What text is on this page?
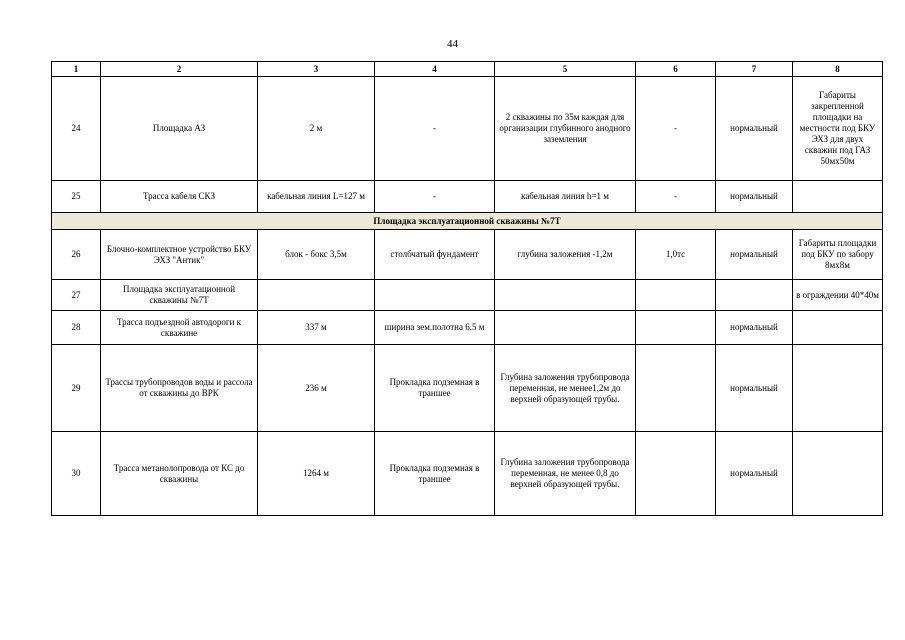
44
1	2	3	4	5	6	7	8
24	Площадка АЗ	2 м	-	2 скважины по 35м каждая для организации глубинного анодного заземления	-	нормальный	Габариты закрепленной площадки на местности под БКУ ЭХЗ для двух скважин под ГАЗ 50мх50м
25	Трасса кабеля СКЗ	кабельная линия L=127 м	-	кабельная линия h=1 м	-	нормальный	
Площадка эксплуатационной скважины №7Т							
26	Блочно-комплектное устройство БКУ ЭХЗ "Антик"	блок - бокс 3,5м	столбчатый фундамент	глубина заложения -1,2м	1,0тс	нормальный	Габариты площадки под БКУ по забору 8мх8м
27	Площадка эксплуатационной скважины №7Т						в ограждении 40*40м
28	Трасса подъездной автодороги к скважине	337 м	ширина зем.полотна 6.5 м			нормальный	
29	Трассы трубопроводов воды и рассола от скважины до ВРК	236 м	Прокладка подземная в траншее	Глубина заложения трубопровода переменная, не менее1,2м до верхней образующей трубы.		нормальный	
30	Трасса метанолопровода от КС до скважины	1264 м	Прокладка подземная в траншее	Глубина заложения трубопровода переменная, не менее 0,8 до верхней образующей трубы.		нормальный	
